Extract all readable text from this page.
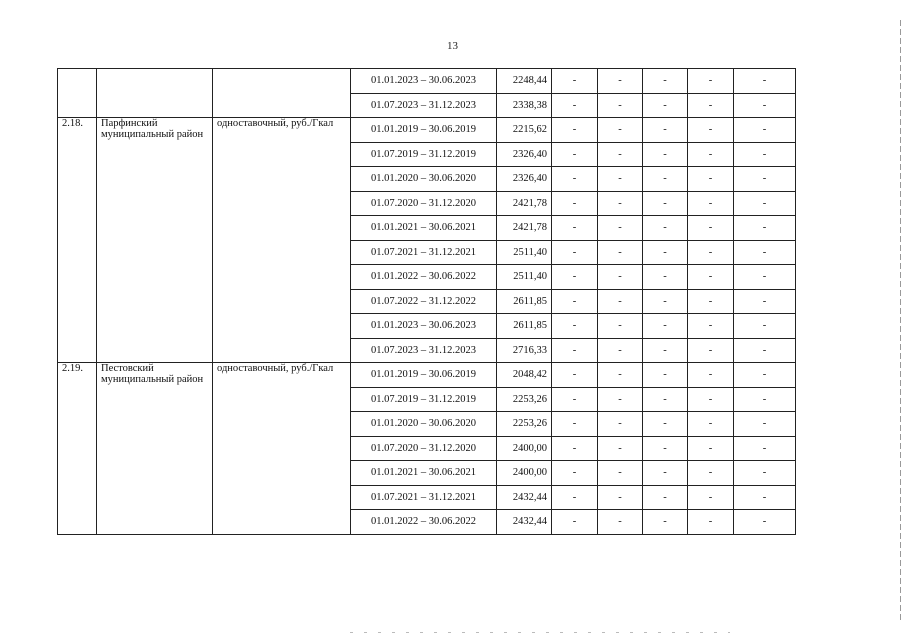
13
			01.01.2023 – 30.06.2023	2248,44	-	-	-	-	-
			01.07.2023 – 31.12.2023	2338,38	-	-	-	-	-
2.18.	Парфинский муниципальный район	одноставочный, руб./Гкал	01.01.2019 – 30.06.2019	2215,62	-	-	-	-	-
			01.07.2019 – 31.12.2019	2326,40	-	-	-	-	-
			01.01.2020 – 30.06.2020	2326,40	-	-	-	-	-
			01.07.2020 – 31.12.2020	2421,78	-	-	-	-	-
			01.01.2021 – 30.06.2021	2421,78	-	-	-	-	-
			01.07.2021 – 31.12.2021	2511,40	-	-	-	-	-
			01.01.2022 – 30.06.2022	2511,40	-	-	-	-	-
			01.07.2022 – 31.12.2022	2611,85	-	-	-	-	-
			01.01.2023 – 30.06.2023	2611,85	-	-	-	-	-
			01.07.2023 – 31.12.2023	2716,33	-	-	-	-	-
2.19.	Пестовский муниципальный район	одноставочный, руб./Гкал	01.01.2019 – 30.06.2019	2048,42	-	-	-	-	-
			01.07.2019 – 31.12.2019	2253,26	-	-	-	-	-
			01.01.2020 – 30.06.2020	2253,26	-	-	-	-	-
			01.07.2020 – 31.12.2020	2400,00	-	-	-	-	-
			01.01.2021 – 30.06.2021	2400,00	-	-	-	-	-
			01.07.2021 – 31.12.2021	2432,44	-	-	-	-	-
			01.01.2022 – 30.06.2022	2432,44	-	-	-	-	-
